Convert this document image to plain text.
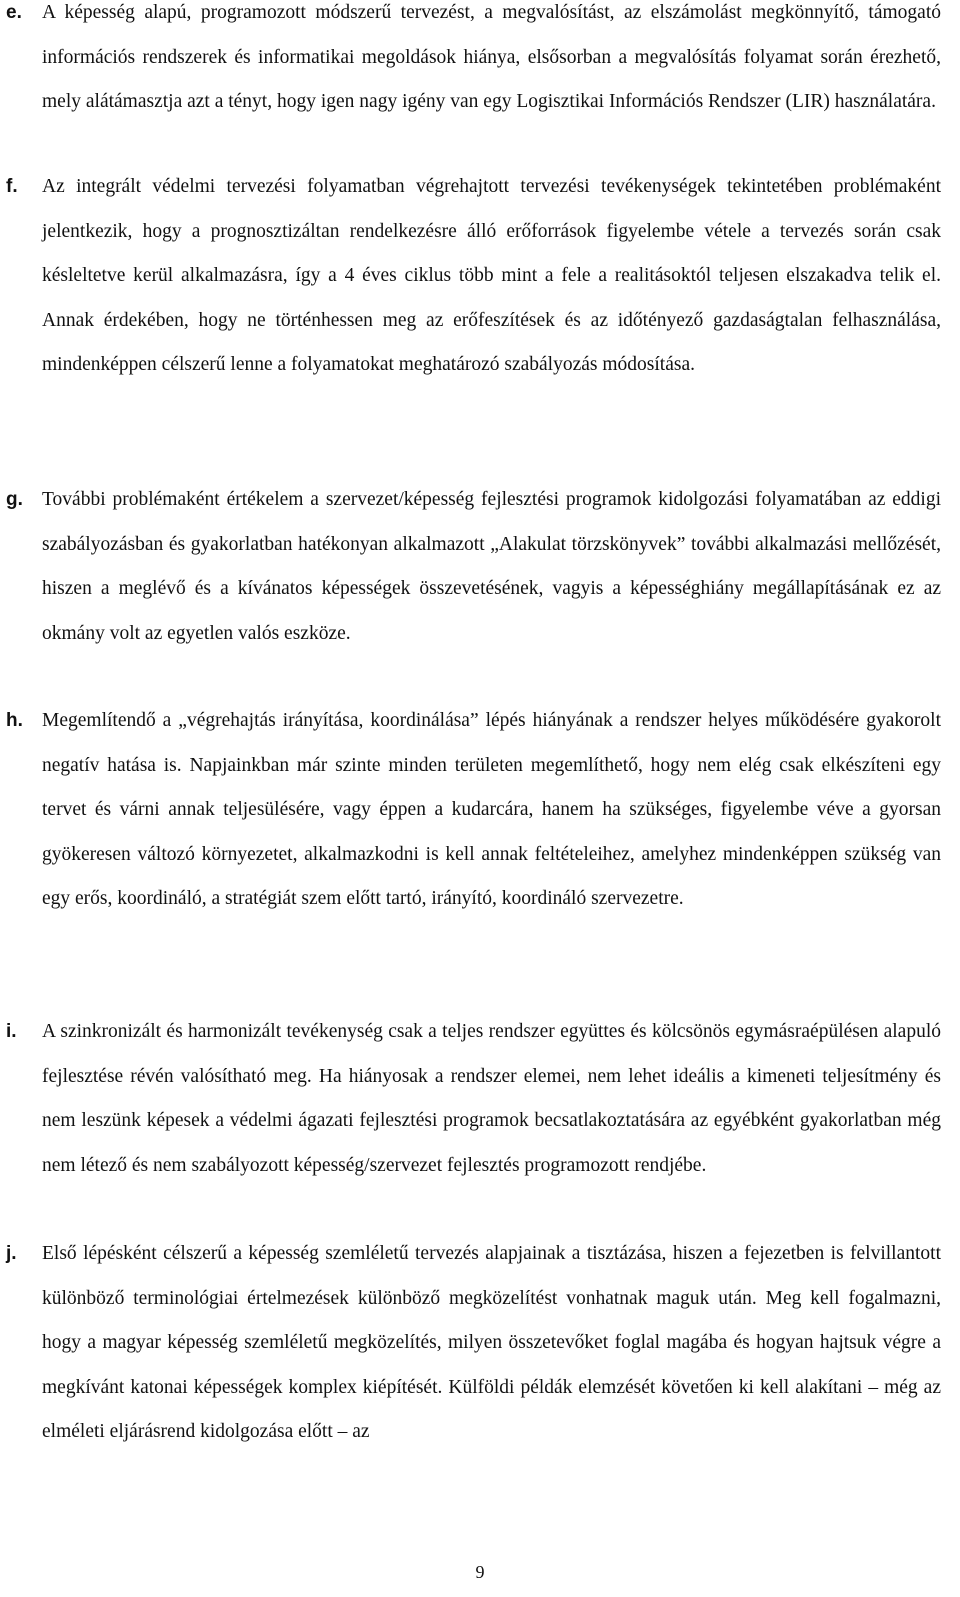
e. A képesség alapú, programozott módszerű tervezést, a megvalósítást, az elszámolást megkönnyítő, támogató információs rendszerek és informatikai megoldások hiánya, elsősorban a megvalósítás folyamat során érezhető, mely alátámasztja azt a tényt, hogy igen nagy igény van egy Logisztikai Információs Rendszer (LIR) használatára.
f. Az integrált védelmi tervezési folyamatban végrehajtott tervezési tevékenységek tekintetében problémaként jelentkezik, hogy a prognosztizáltan rendelkezésre álló erőforrások figyelembe vétele a tervezés során csak késleltetve kerül alkalmazásra, így a 4 éves ciklus több mint a fele a realitásoktól teljesen elszakadva telik el. Annak érdekében, hogy ne történhessen meg az erőfeszítések és az időtényező gazdaságtalan felhasználása, mindenképpen célszerű lenne a folyamatokat meghatározó szabályozás módosítása.
g. További problémaként értékelem a szervezet/képesség fejlesztési programok kidolgozási folyamatában az eddigi szabályozásban és gyakorlatban hatékonyan alkalmazott „Alakulat törzskönyvek” további alkalmazási mellőzését, hiszen a meglévő és a kívánatos képességek összevetésének, vagyis a képességhiány megállapításának ez az okmány volt az egyetlen valós eszköze.
h. Megemlítendő a „végrehajtás irányítása, koordinálása” lépés hiányának a rendszer helyes működésére gyakorolt negatív hatása is. Napjainkban már szinte minden területen megemlíthető, hogy nem elég csak elkészíteni egy tervet és várni annak teljesülésére, vagy éppen a kudarcára, hanem ha szükséges, figyelembe véve a gyorsan gyökeresen változó környezetet, alkalmazkodni is kell annak feltételeihez, amelyhez mindenképpen szükség van egy erős, koordináló, a stratégiát szem előtt tartó, irányító, koordináló szervezetre.
i. A szinkronizált és harmonizált tevékenység csak a teljes rendszer együttes és kölcsönös egymásraépülésen alapuló fejlesztése révén valósítható meg. Ha hiányosak a rendszer elemei, nem lehet ideális a kimeneti teljesítmény és nem leszünk képesek a védelmi ágazati fejlesztési programok becsatlakoztatására az egyébként gyakorlatban még nem létező és nem szabályozott képesség/szervezet fejlesztés programozott rendjébe.
j. Első lépésként célszerű a képesség szemléletű tervezés alapjainak a tisztázása, hiszen a fejezetben is felvillantott különböző terminológiai értelmezések különböző megközelítést vonhatnak maguk után. Meg kell fogalmazni, hogy a magyar képesség szemléletű megközelítés, milyen összetevőket foglal magába és hogyan hajtsuk végre a megkívánt katonai képességek komplex kiépítését. Külföldi példák elemzését követően ki kell alakítani – még az elméleti eljárásrend kidolgozása előtt – az
9
